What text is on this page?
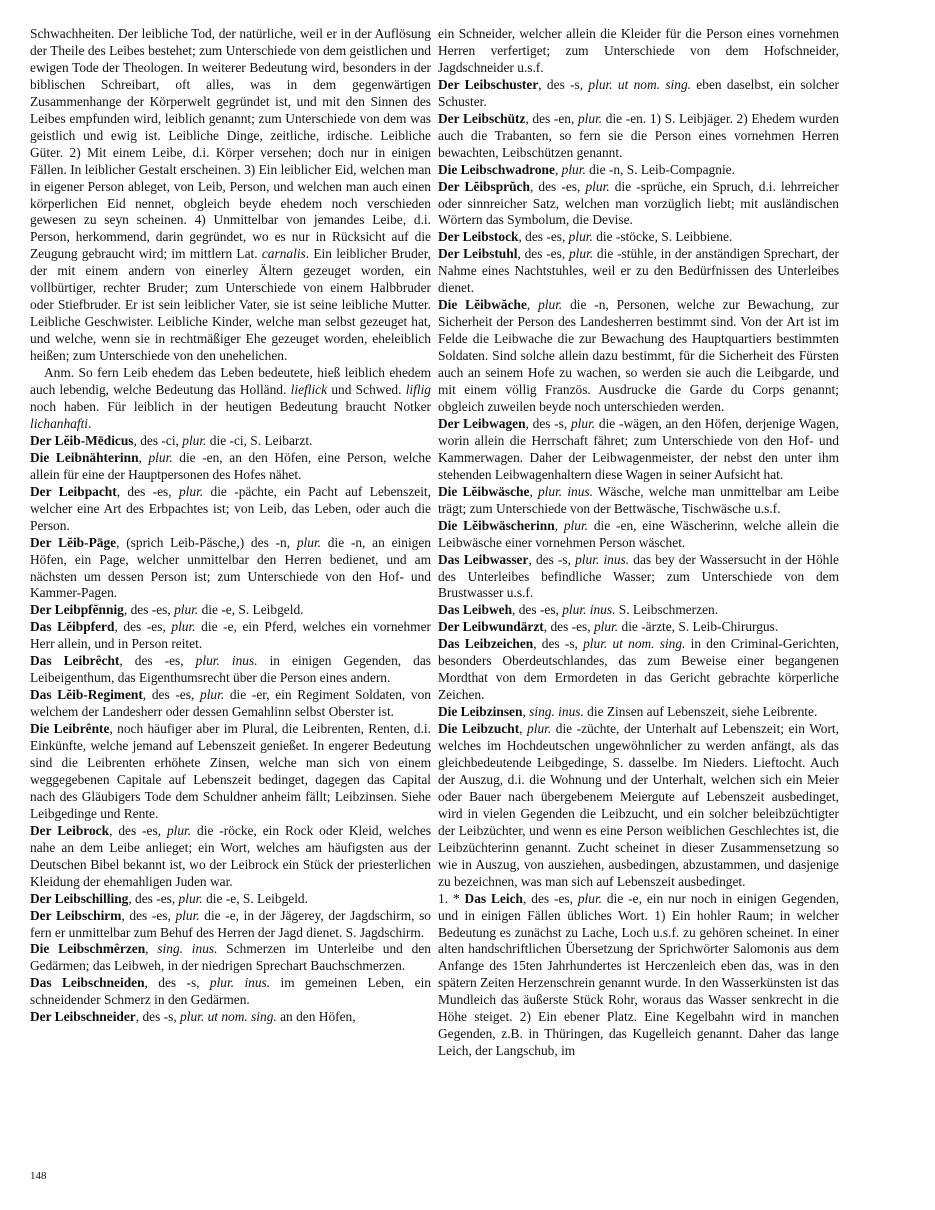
Schwachheiten. Der leibliche Tod, der natürliche, weil er in der Auflösung der Theile des Leibes bestehet; zum Unterschiede von dem geistlichen und ewigen Tode der Theologen. In weiterer Bedeutung wird, besonders in der biblischen Schreibart, oft alles, was in dem gegenwärtigen Zusammenhange der Körperwelt gegründet ist, und mit den Sinnen des Leibes empfunden wird, leiblich genannt; zum Unterschiede von dem was geistlich und ewig ist. Leibliche Dinge, zeitliche, irdische. Leibliche Güter. 2) Mit einem Leibe, d.i. Körper versehen; doch nur in einigen Fällen. In leiblicher Gestalt erscheinen. 3) Ein leiblicher Eid, welchen man in eigener Person ableget, von Leib, Person, und welchen man auch einen körperlichen Eid nennet, obgleich beyde ehedem noch verschieden gewesen zu seyn scheinen. 4) Unmittelbar von jemandes Leibe, d.i. Person, herkommend, darin gegründet, wo es nur in Rücksicht auf die Zeugung gebraucht wird; im mittlern Lat. carnalis. Ein leiblicher Bruder, der mit einem andern von einerley Ältern gezeuget worden, ein vollbürtiger, rechter Bruder; zum Unterschiede von einem Halbbruder oder Stiefbruder. Er ist sein leiblicher Vater, sie ist seine leibliche Mutter. Leibliche Geschwister. Leibliche Kinder, welche man selbst gezeuget hat, und welche, wenn sie in rechtmäßiger Ehe gezeuget worden, eheleiblich heißen; zum Unterschiede von den unehelichen.

Anm. So fern Leib ehedem das Leben bedeutete, hieß leiblich ehedem auch lebendig, welche Bedeutung das Holländ. lieflick und Schwed. liflig noch haben. Für leiblich in der heutigen Bedeutung braucht Notker lichanhafti.

Der Lĕib-Mēdicus, des -ci, plur. die -ci, S. Leibarzt.

Die Leibnähterinn, plur. die -en, an den Höfen, eine Person, welche allein für eine der Hauptpersonen des Hofes nähet.

Der Leibpacht, des -es, plur. die -pächte, ein Pacht auf Lebenszeit, welcher eine Art des Erbpachtes ist; von Leib, das Leben, oder auch die Person.

Der Lĕib-Pāge, (sprich Leib-Päsche,) des -n, plur. die -n, an einigen Höfen, ein Page, welcher unmittelbar den Herren bedienet, und am nächsten um dessen Person ist; zum Unterschiede von den Hof- und Kammer-Pagen.

Der Leibpfĕnnig, des -es, plur. die -e, S. Leibgeld.

Das Lĕibpferd, des -es, plur. die -e, ein Pferd, welches ein vornehmer Herr allein, und in Person reitet.

Das Leibrêcht, des -es, plur. inus. in einigen Gegenden, das Leibeigenthum, das Eigenthumsrecht über die Person eines andern.

Das Lĕib-Regiment, des -es, plur. die -er, ein Regiment Soldaten, von welchem der Landesherr oder dessen Gemahlinn selbst Oberster ist.

Die Leibrênte, noch häufiger aber im Plural, die Leibrenten, Renten, d.i. Einkünfte, welche jemand auf Lebenszeit genießet. In engerer Bedeutung sind die Leibrenten erhöhete Zinsen, welche man sich von einem weggegebenen Capitale auf Lebenszeit bedinget, dagegen das Capital nach des Gläubigers Tode dem Schuldner anheim fällt; Leibzinsen. Siehe Leibgedinge und Rente.

Der Leibrock, des -es, plur. die -röcke, ein Rock oder Kleid, welches nahe an dem Leibe anlieget; ein Wort, welches am häufigsten aus der Deutschen Bibel bekannt ist, wo der Leibrock ein Stück der priesterlichen Kleidung der ehemahligen Juden war.

Der Leibschilling, des -es, plur. die -e, S. Leibgeld.

Der Leibschirm, des -es, plur. die -e, in der Jägerey, der Jagdschirm, so fern er unmittelbar zum Behuf des Herren der Jagd dienet. S. Jagdschirm.

Die Leibschmêrzen, sing. inus. Schmerzen im Unterleibe und den Gedärmen; das Leibweh, in der niedrigen Sprechart Bauchschmerzen.

Das Leibschneiden, des -s, plur. inus. im gemeinen Leben, ein schneidender Schmerz in den Gedärmen.

Der Leibschneider, des -s, plur. ut nom. sing. an den Höfen,

ein Schneider, welcher allein die Kleider für die Person eines vornehmen Herren verfertiget; zum Unterschiede von dem Hofschneider, Jagdschneider u.s.f.

Der Leibschuster, des -s, plur. ut nom. sing. eben daselbst, ein solcher Schuster.

Der Leibschütz, des -en, plur. die -en. 1) S. Leibjäger. 2) Ehedem wurden auch die Trabanten, so fern sie die Person eines vornehmen Herren bewachten, Leibschützen genannt.

Die Leibschwadrone, plur. die -n, S. Leib-Compagnie.

Der Lĕibsprŭch, des -es, plur. die -sprüche, ein Spruch, d.i. lehrreicher oder sinnreicher Satz, welchen man vorzüglich liebt; mit ausländischen Wörtern das Symbolum, die Devise.

Der Leibstock, des -es, plur. die -stöcke, S. Leibbiene.

Der Leibstuhl, des -es, plur. die -stühle, in der anständigen Sprechart, der Nahme eines Nachtstuhles, weil er zu den Bedürfnissen des Unterleibes dienet.

Die Lĕibwăche, plur. die -n, Personen, welche zur Bewachung, zur Sicherheit der Person des Landesherren bestimmt sind. Von der Art ist im Felde die Leibwache die zur Bewachung des Hauptquartiers bestimmten Soldaten. Sind solche allein dazu bestimmt, für die Sicherheit des Fürsten auch an seinem Hofe zu wachen, so werden sie auch die Leibgarde, und mit einem völlig Französ. Ausdrucke die Garde du Corps genannt; obgleich zuweilen beyde noch unterschieden werden.

Der Leibwagen, des -s, plur. die -wägen, an den Höfen, derjenige Wagen, worin allein die Herrschaft fähret; zum Unterschiede von den Hof- und Kammerwagen. Daher der Leibwagenmeister, der nebst den unter ihm stehenden Leibwagenhaltern diese Wagen in seiner Aufsicht hat.

Die Lĕibwäsche, plur. inus. Wäsche, welche man unmittelbar am Leibe trägt; zum Unterschiede von der Bettwäsche, Tischwäsche u.s.f.

Die Lĕibwäscherinn, plur. die -en, eine Wäscherinn, welche allein die Leibwäsche einer vornehmen Person wäschet.

Das Leibwasser, des -s, plur. inus. das bey der Wassersucht in der Höhle des Unterleibes befindliche Wasser; zum Unterschiede von dem Brustwasser u.s.f.

Das Leibweh, des -es, plur. inus. S. Leibschmerzen.

Der Leibwundärzt, des -es, plur. die -ärzte, S. Leib-Chirurgus.

Das Leibzeichen, des -s, plur. ut nom. sing. in den Criminal-Gerichten, besonders Oberdeutschlandes, das zum Beweise einer begangenen Mordthat von dem Ermordeten in das Gericht gebrachte körperliche Zeichen.

Die Leibzinsen, sing. inus. die Zinsen auf Lebenszeit, siehe Leibrente.

Die Leibzucht, plur. die -züchte, der Unterhalt auf Lebenszeit; ein Wort, welches im Hochdeutschen ungewöhnlicher zu werden anfängt, als das gleichbedeutende Leibgedinge, S. dasselbe. Im Nieders. Lieftocht. Auch der Auszug, d.i. die Wohnung und der Unterhalt, welchen sich ein Meier oder Bauer nach übergebenem Meiergute auf Lebenszeit ausbedinget, wird in vielen Gegenden die Leibzucht, und ein solcher beleibzüchtigter der Leibzüchter, und wenn es eine Person weiblichen Geschlechtes ist, die Leibzüchterinn genannt. Zucht scheinet in dieser Zusammensetzung so wie in Auszug, von ausziehen, ausbedingen, abzustammen, und dasjenige zu bezeichnen, was man sich auf Lebenszeit ausbedinget.

1. * Das Leich, des -es, plur. die -e, ein nur noch in einigen Gegenden, und in einigen Fällen übliches Wort. 1) Ein hohler Raum; in welcher Bedeutung es zunächst zu Lache, Loch u.s.f. zu gehören scheinet. In einer alten handschriftlichen Übersetzung der Sprichwörter Salomonis aus dem Anfange des 15ten Jahrhundertes ist Herczenleich eben das, was in den spätern Zeiten Herzenschrein genannt wurde. In den Wasserkünsten ist das Mundleich das äußerste Stück Rohr, woraus das Wasser senkrecht in die Höhe steiget. 2) Ein ebener Platz. Eine Kegelbahn wird in manchen Gegenden, z.B. in Thüringen, das Kugelleich genannt. Daher das lange Leich, der Langschub, im

148
